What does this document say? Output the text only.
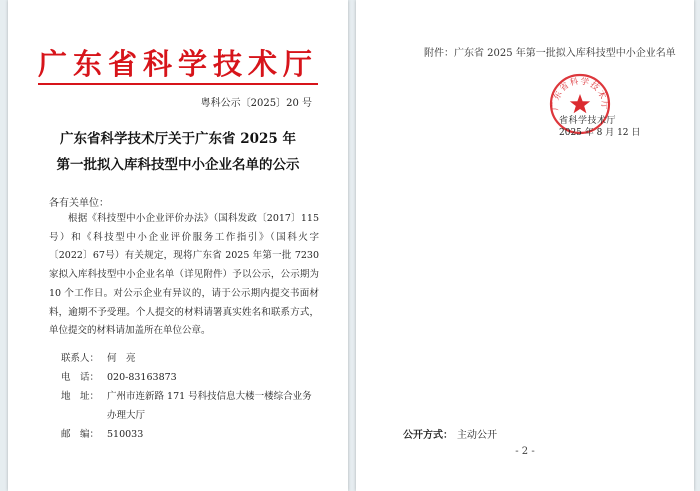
广东省科学技术厅
粤科公示〔2025〕20 号
广东省科学技术厅关于广东省 2025 年
第一批拟入库科技型中小企业名单的公示
各有关单位：
根据《科技型中小企业评价办法》（国科发政〔2017〕115号）和《科技型中小企业评价服务工作指引》（国科火字〔2022〕67号）有关规定，现将广东省 2025 年第一批 7230 家拟入库科技型中小企业名单（详见附件）予以公示，公示期为 10 个工作日。对公示企业有异议的，请于公示期内提交书面材料，逾期不予受理。个人提交的材料请署真实姓名和联系方式，单位提交的材料请加盖所在单位公章。
联系人： 何　亮
电　话： 020-83163873
地　址： 广州市连新路 171 号科技信息大楼一楼综合业务办理大厅
邮　编： 510033
附件：广东省 2025 年第一批拟入库科技型中小企业名单
广东省科学技术厅
省科学技术厅
2025 年 8 月 12 日
公开方式： 主动公开
- 2 -
